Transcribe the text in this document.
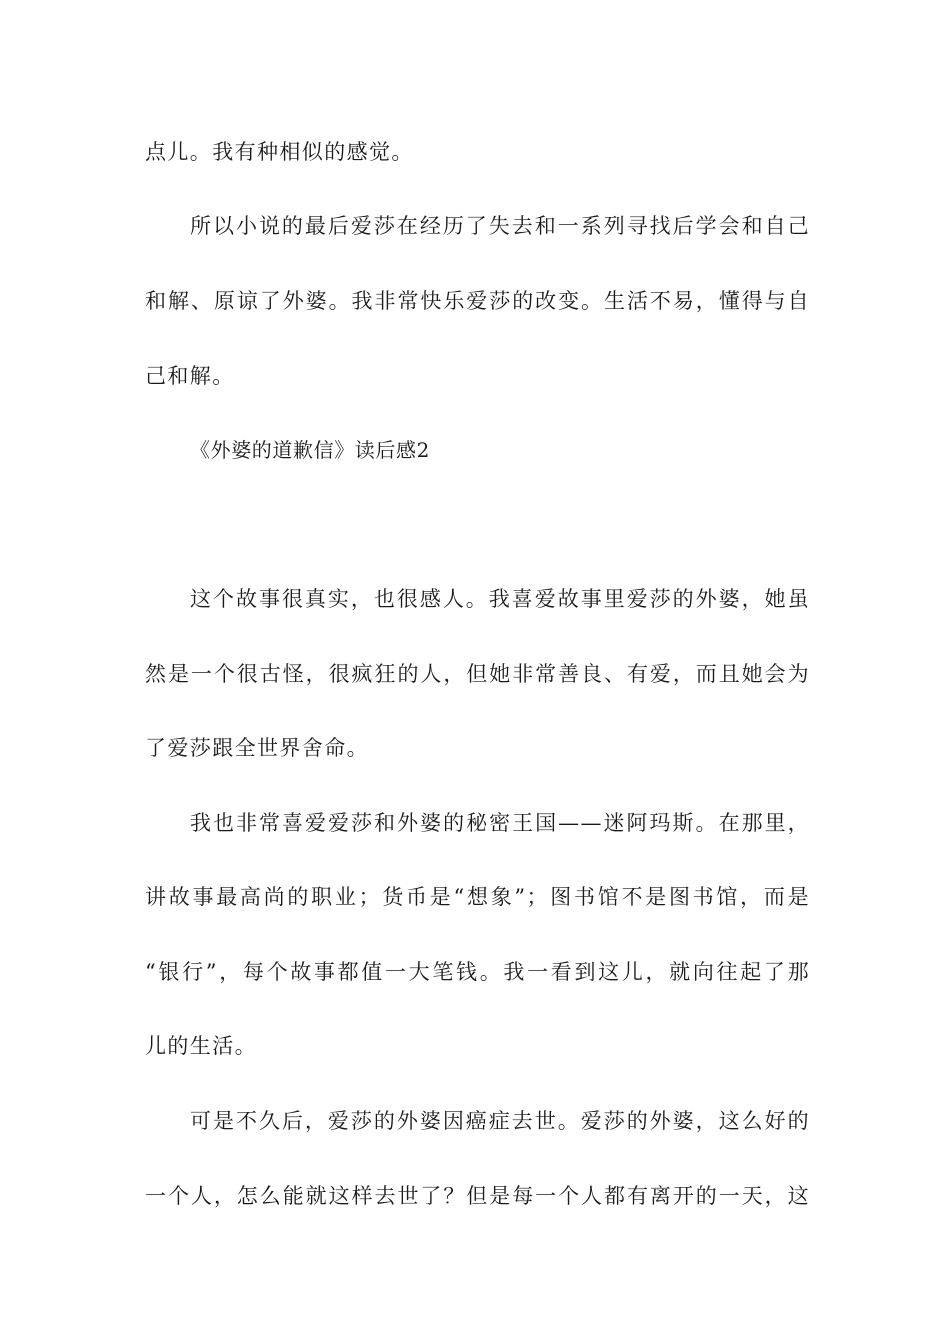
点儿。我有种相似的感觉。
所以小说的最后爱莎在经历了失去和一系列寻找后学会和自己
和解、原谅了外婆。我非常快乐爱莎的改变。生活不易，懂得与自
己和解。
《外婆的道歉信》读后感2
这个故事很真实，也很感人。我喜爱故事里爱莎的外婆，她虽
然是一个很古怪，很疯狂的人，但她非常善良、有爱，而且她会为
了爱莎跟全世界舍命。
我也非常喜爱爱莎和外婆的秘密王国——迷阿玛斯。在那里，
讲故事最高尚的职业；货币是“想象”；图书馆不是图书馆，而是
“银行”，每个故事都值一大笔钱。我一看到这儿，就向往起了那
儿的生活。
可是不久后，爱莎的外婆因癌症去世。爱莎的外婆，这么好的
一个人，怎么能就这样去世了？但是每一个人都有离开的一天，这
